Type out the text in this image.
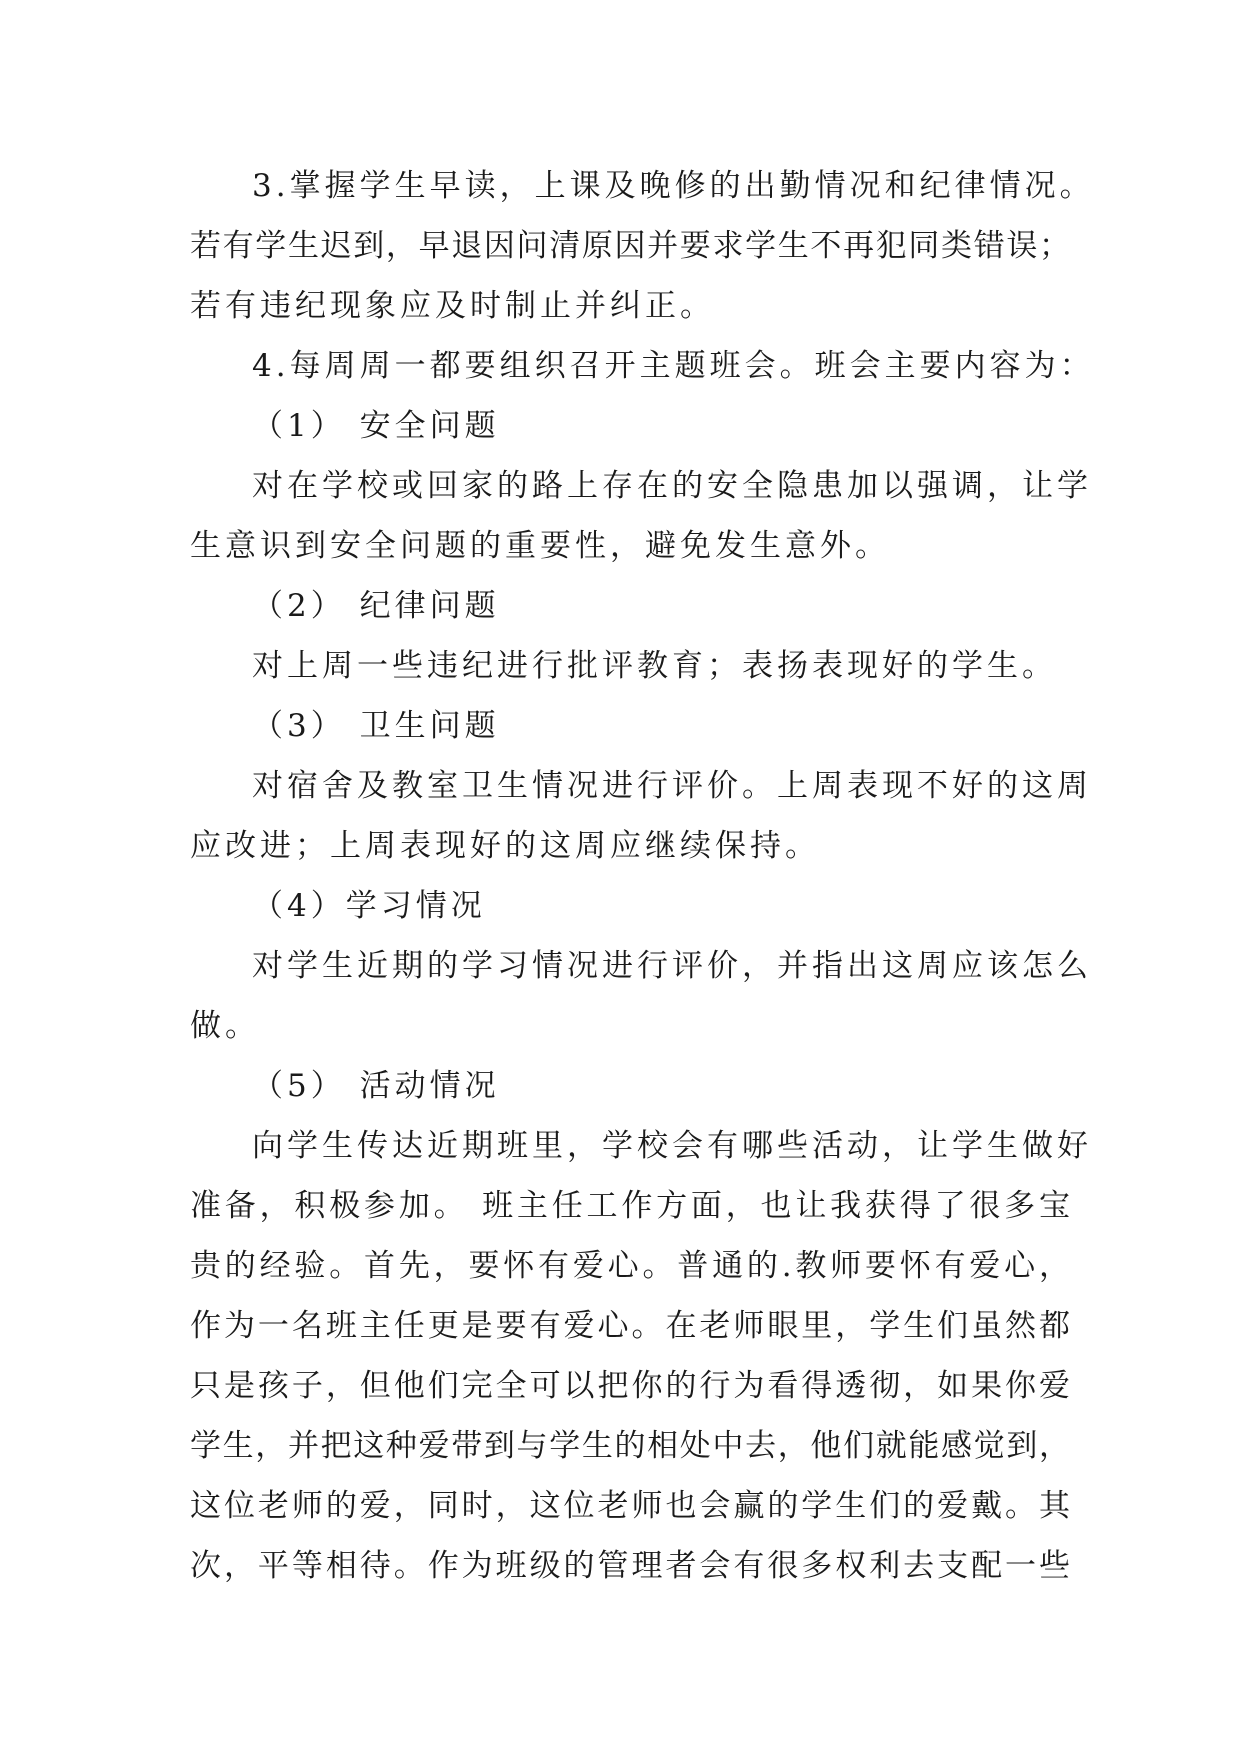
3.掌握学生早读，上课及晚修的出勤情况和纪律情况。
若有学生迟到，早退因问清原因并要求学生不再犯同类错误；
若有违纪现象应及时制止并纠正。
4.每周周一都要组织召开主题班会。班会主要内容为：
（1） 安全问题
对在学校或回家的路上存在的安全隐患加以强调，让学
生意识到安全问题的重要性，避免发生意外。
（2） 纪律问题
对上周一些违纪进行批评教育；表扬表现好的学生。
（3） 卫生问题
对宿舍及教室卫生情况进行评价。上周表现不好的这周
应改进；上周表现好的这周应继续保持。
（4）学习情况
对学生近期的学习情况进行评价，并指出这周应该怎么
做。
（5） 活动情况
向学生传达近期班里，学校会有哪些活动，让学生做好
准备，积极参加。 班主任工作方面，也让我获得了很多宝
贵的经验。首先，要怀有爱心。普通的.教师要怀有爱心，
作为一名班主任更是要有爱心。在老师眼里，学生们虽然都
只是孩子，但他们完全可以把你的行为看得透彻，如果你爱
学生，并把这种爱带到与学生的相处中去，他们就能感觉到，
这位老师的爱，同时，这位老师也会赢的学生们的爱戴。其
次，平等相待。作为班级的管理者会有很多权利去支配一些
